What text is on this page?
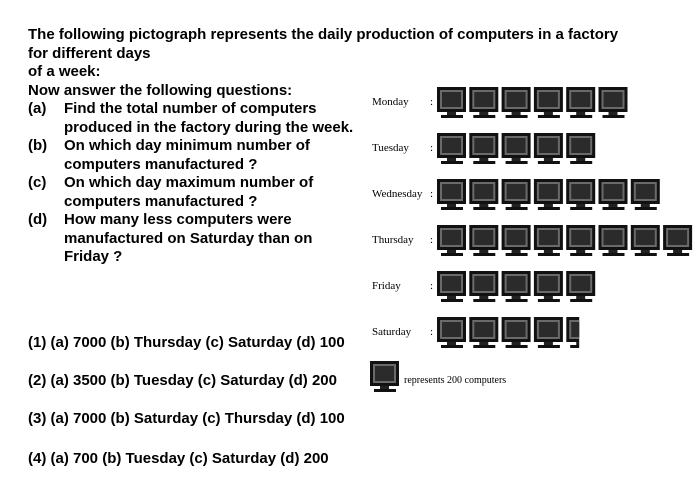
The following pictograph represents the daily production of computers in a factory
for different days
of a week:
Now answer the following questions:
(a)	Find the total number of computers produced in the factory during the week.
(b)	On which day minimum number of computers manufactured ?
(c)	On which day maximum number of computers manufactured ?
(d)	How many less computers were manufactured on Saturday than on Friday ?
(1) (a) 7000 (b) Thursday (c) Saturday (d) 100
(2) (a) 3500 (b) Tuesday (c) Saturday (d) 200
(3) (a) 7000 (b) Saturday (c) Thursday (d) 100
(4) (a) 700 (b) Tuesday (c) Saturday (d) 200
Monday :
Tuesday :
Wednesday :
Thursday :
Friday	:
Saturday :
represents 200 computers
